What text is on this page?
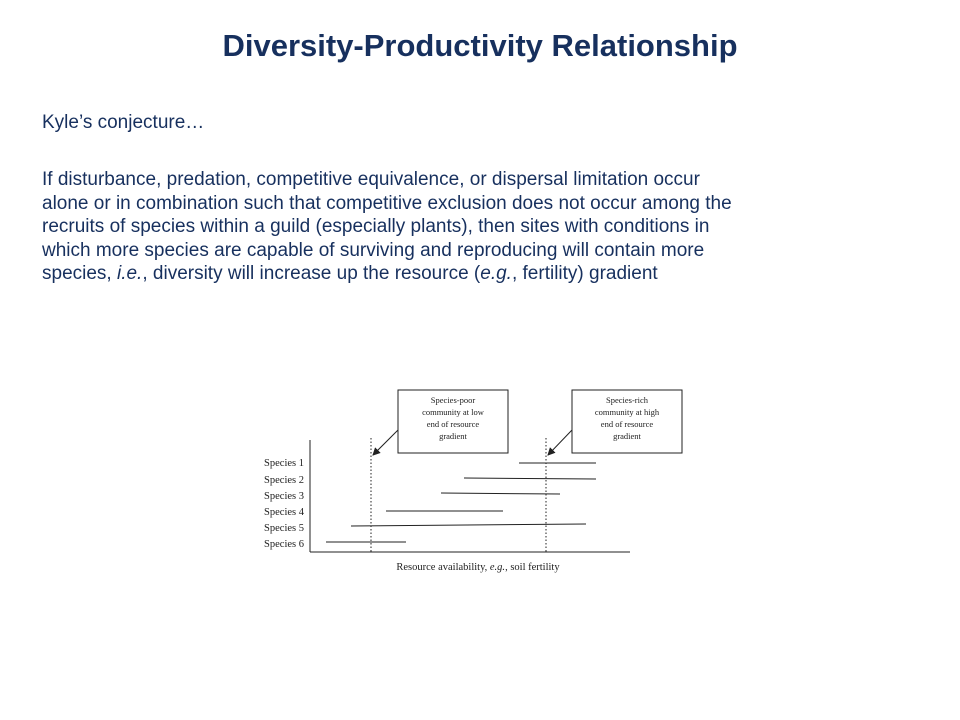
Diversity-Productivity Relationship
Kyle’s conjecture…
If disturbance, predation, competitive equivalence, or dispersal limitation occur
alone or in combination such that competitive exclusion does not occur among the
recruits of species within a guild (especially plants), then sites with conditions in
which more species are capable of surviving and reproducing will contain more
species, i.e., diversity will increase up the resource (e.g., fertility) gradient
Species 1
Species 2
Species 3
Species 4
Species 5
Species 6
Resource availability, e.g., soil fertility
Species-poor
community at low
end of resource
gradient
Species-rich
community at high
end of resource
gradient
